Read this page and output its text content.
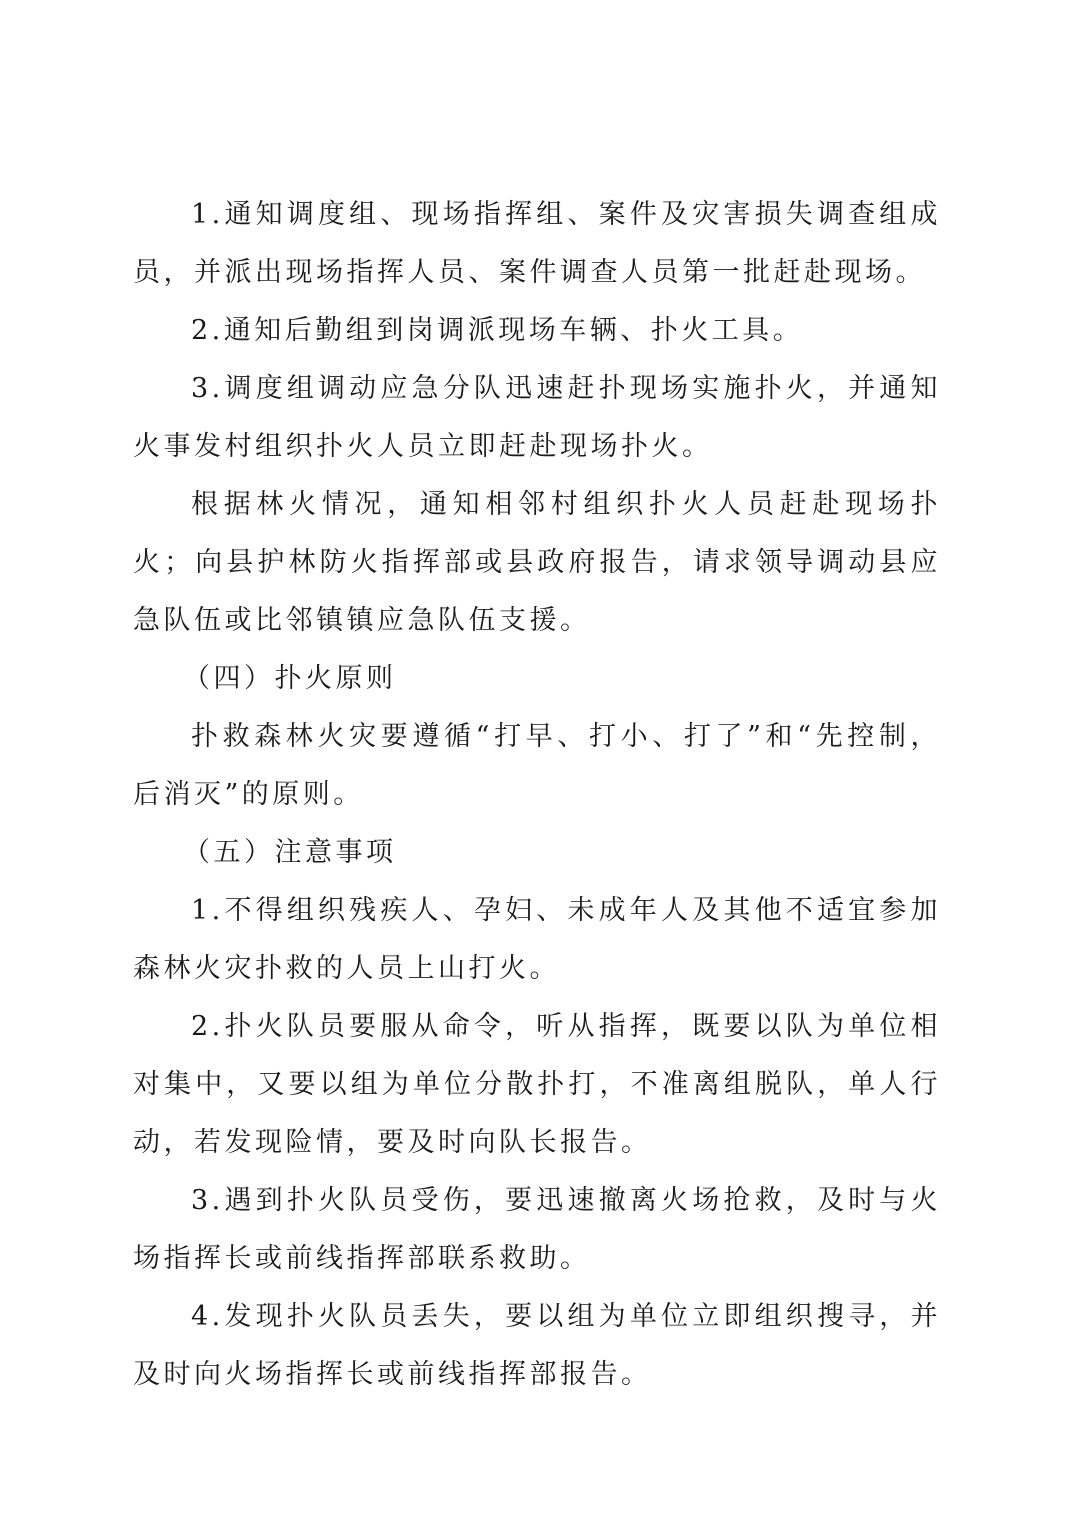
1.通知调度组、现场指挥组、案件及灾害损失调查组成员，并派出现场指挥人员、案件调查人员第一批赶赴现场。

2.通知后勤组到岗调派现场车辆、扑火工具。

3.调度组调动应急分队迅速赶扑现场实施扑火，并通知火事发村组织扑火人员立即赶赴现场扑火。

根据林火情况，通知相邻村组织扑火人员赶赴现场扑火；向县护林防火指挥部或县政府报告，请求领导调动县应急队伍或比邻镇镇应急队伍支援。

（四）扑火原则

扑救森林火灾要遵循“打早、打小、打了”和“先控制，后消灭”的原则。

（五）注意事项

1.不得组织残疾人、孕妇、未成年人及其他不适宜参加森林火灾扑救的人员上山打火。

2.扑火队员要服从命令，听从指挥，既要以队为单位相对集中，又要以组为单位分散扑打，不准离组脱队，单人行动，若发现险情，要及时向队长报告。

3.遇到扑火队员受伤，要迅速撤离火场抢救，及时与火场指挥长或前线指挥部联系救助。

4.发现扑火队员丢失，要以组为单位立即组织搜寻，并及时向火场指挥长或前线指挥部报告。
